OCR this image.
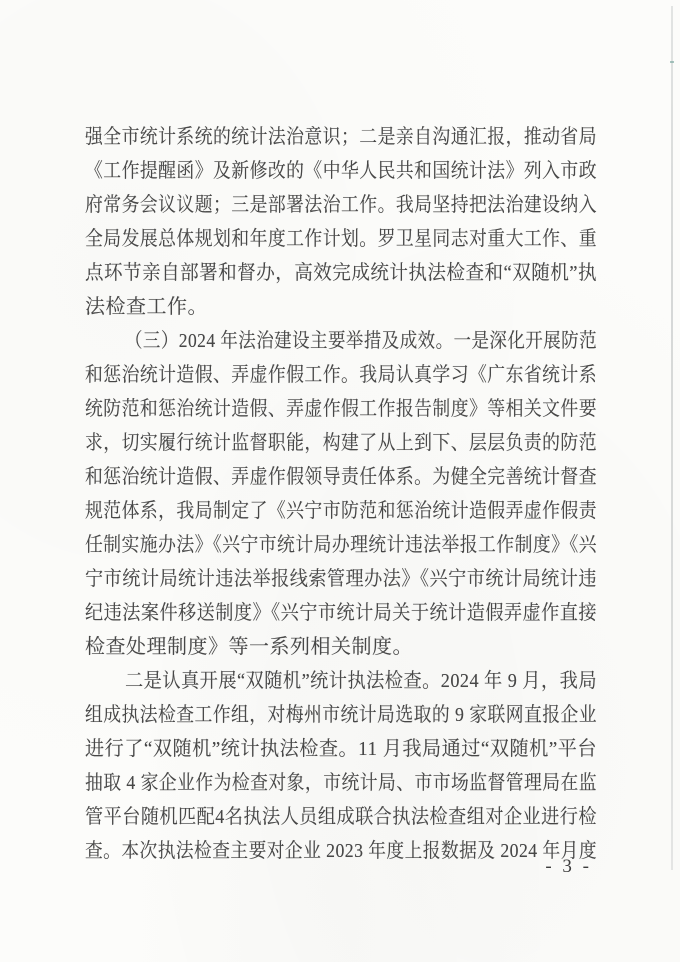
强全市统计系统的统计法治意识；二是亲自沟通汇报，推动省局
《工作提醒函》及新修改的《中华人民共和国统计法》列入市政
府常务会议议题；三是部署法治工作。我局坚持把法治建设纳入
全局发展总体规划和年度工作计划。罗卫星同志对重大工作、重
点环节亲自部署和督办，高效完成统计执法检查和“双随机”执
法检查工作。
（三）2024 年法治建设主要举措及成效。一是深化开展防范
和惩治统计造假、弄虚作假工作。我局认真学习《广东省统计系
统防范和惩治统计造假、弄虚作假工作报告制度》等相关文件要
求，切实履行统计监督职能，构建了从上到下、层层负责的防范
和惩治统计造假、弄虚作假领导责任体系。为健全完善统计督查
规范体系，我局制定了《兴宁市防范和惩治统计造假弄虚作假责
任制实施办法》《兴宁市统计局办理统计违法举报工作制度》《兴
宁市统计局统计违法举报线索管理办法》《兴宁市统计局统计违
纪违法案件移送制度》《兴宁市统计局关于统计造假弄虚作直接
检查处理制度》等一系列相关制度。
二是认真开展“双随机”统计执法检查。2024 年 9 月，我局
组成执法检查工作组，对梅州市统计局选取的 9 家联网直报企业
进行了“双随机”统计执法检查。11 月我局通过“双随机”平台
抽取 4 家企业作为检查对象，市统计局、市市场监督管理局在监
管平台随机匹配4名执法人员组成联合执法检查组对企业进行检
查。本次执法检查主要对企业 2023 年度上报数据及 2024 年月度
- 3 -
